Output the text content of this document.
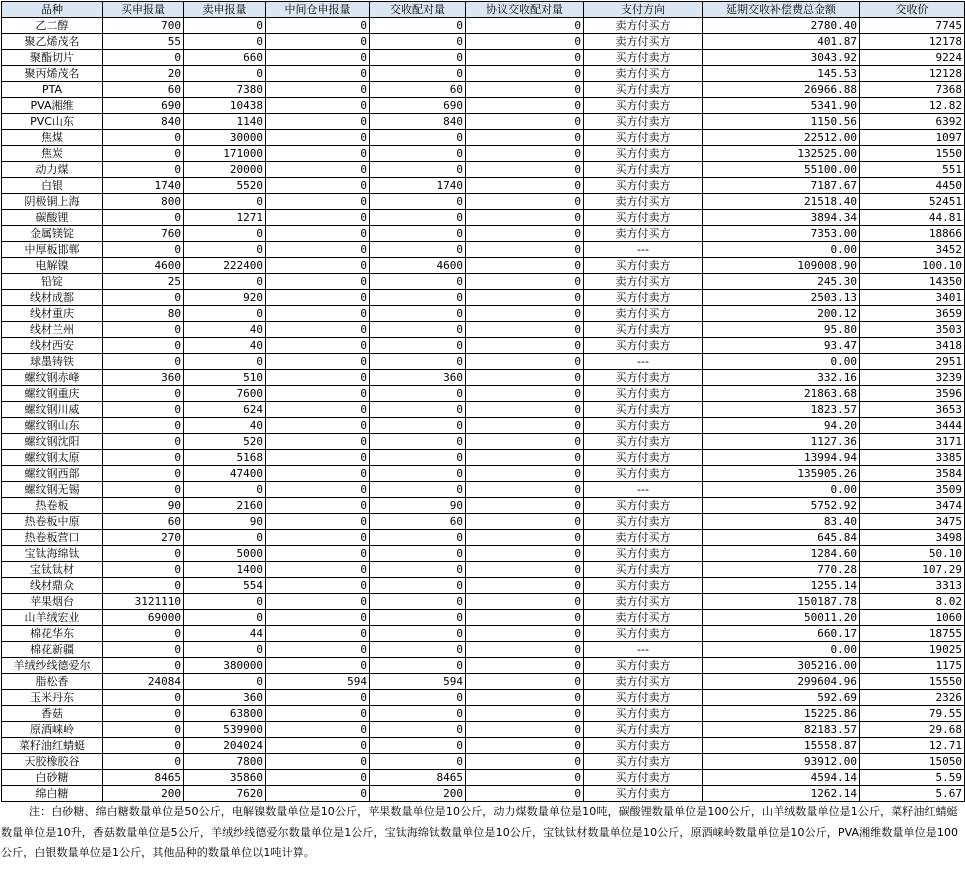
品种	买申报量	卖申报量	中间仓申报量	交收配对量	协议交收配对量	支付方向	延期交收补偿费总金额	交收价
乙二醇	700	0	0	0	0	卖方付买方	2780.40	7745
聚乙烯茂名	55	0	0	0	0	卖方付买方	401.87	12178
聚酯切片	0	660	0	0	0	买方付卖方	3043.92	9224
聚丙烯茂名	20	0	0	0	0	卖方付买方	145.53	12128
PTA	60	7380	0	60	0	买方付卖方	26966.88	7368
PVA湘维	690	10438	0	690	0	买方付卖方	5341.90	12.82
PVC山东	840	1140	0	840	0	买方付卖方	1150.56	6392
焦煤	0	30000	0	0	0	买方付卖方	22512.00	1097
焦炭	0	171000	0	0	0	买方付卖方	132525.00	1550
动力煤	0	20000	0	0	0	买方付卖方	55100.00	551
白银	1740	5520	0	1740	0	买方付卖方	7187.67	4450
阴极铜上海	800	0	0	0	0	卖方付买方	21518.40	52451
碳酸锂	0	1271	0	0	0	买方付卖方	3894.34	44.81
金属镁锭	760	0	0	0	0	卖方付买方	7353.00	18866
中厚板邯郸	0	0	0	0	0	---	0.00	3452
电解镍	4600	222400	0	4600	0	买方付卖方	109008.90	100.10
铅锭	25	0	0	0	0	卖方付买方	245.30	14350
线材成都	0	920	0	0	0	买方付卖方	2503.13	3401
线材重庆	80	0	0	0	0	卖方付买方	200.12	3659
线材兰州	0	40	0	0	0	买方付卖方	95.80	3503
线材西安	0	40	0	0	0	买方付卖方	93.47	3418
球墨铸铁	0	0	0	0	0	---	0.00	2951
螺纹钢赤峰	360	510	0	360	0	买方付卖方	332.16	3239
螺纹钢重庆	0	7600	0	0	0	买方付卖方	21863.68	3596
螺纹钢川威	0	624	0	0	0	买方付卖方	1823.57	3653
螺纹钢山东	0	40	0	0	0	买方付卖方	94.20	3444
螺纹钢沈阳	0	520	0	0	0	买方付卖方	1127.36	3171
螺纹钢太原	0	5168	0	0	0	买方付卖方	13994.94	3385
螺纹钢西部	0	47400	0	0	0	买方付卖方	135905.26	3584
螺纹钢无锡	0	0	0	0	0	---	0.00	3509
热卷板	90	2160	0	90	0	买方付卖方	5752.92	3474
热卷板中原	60	90	0	60	0	买方付卖方	83.40	3475
热卷板营口	270	0	0	0	0	卖方付买方	645.84	3498
宝钛海绵钛	0	5000	0	0	0	买方付卖方	1284.60	50.10
宝钛钛材	0	1400	0	0	0	买方付卖方	770.28	107.29
线材鼎众	0	554	0	0	0	买方付卖方	1255.14	3313
苹果烟台	3121110	0	0	0	0	卖方付买方	150187.78	8.02
山羊绒宏业	69000	0	0	0	0	卖方付买方	50011.20	1060
棉花华东	0	44	0	0	0	买方付卖方	660.17	18755
棉花新疆	0	0	0	0	0	---	0.00	19025
羊绒纱线德爱尔	0	380000	0	0	0	买方付卖方	305216.00	1175
脂松香	24084	0	594	594	0	卖方付买方	299604.96	15550
玉米丹东	0	360	0	0	0	买方付卖方	592.69	2326
香菇	0	63800	0	0	0	买方付卖方	15225.86	79.55
原酒崃岭	0	539900	0	0	0	买方付卖方	82183.57	29.68
菜籽油红蜻蜓	0	204024	0	0	0	买方付卖方	15558.87	12.71
天胶橡胶谷	0	7800	0	0	0	买方付卖方	93912.00	15050
白砂糖	8465	35860	0	8465	0	买方付卖方	4594.14	5.59
绵白糖	200	7620	0	200	0	买方付卖方	1262.14	5.67
注：白砂糖、绵白糖数量单位是50公斤，电解镍数量单位是10公斤，苹果数量单位是10公斤，动力煤数量单位是10吨，碳酸锂数量单位是100公斤，山羊绒数量单位是1公斤，菜籽油红蜻蜓数量单位是10升，香菇数量单位是5公斤，羊绒纱线德爱尔数量单位是1公斤，宝钛海绵钛数量单位是10公斤，宝钛钛材数量单位是10公斤，原酒崃岭数量单位是10公斤，PVA湘维数量单位是100公斤，白银数量单位是1公斤，其他品种的数量单位以1吨计算。
